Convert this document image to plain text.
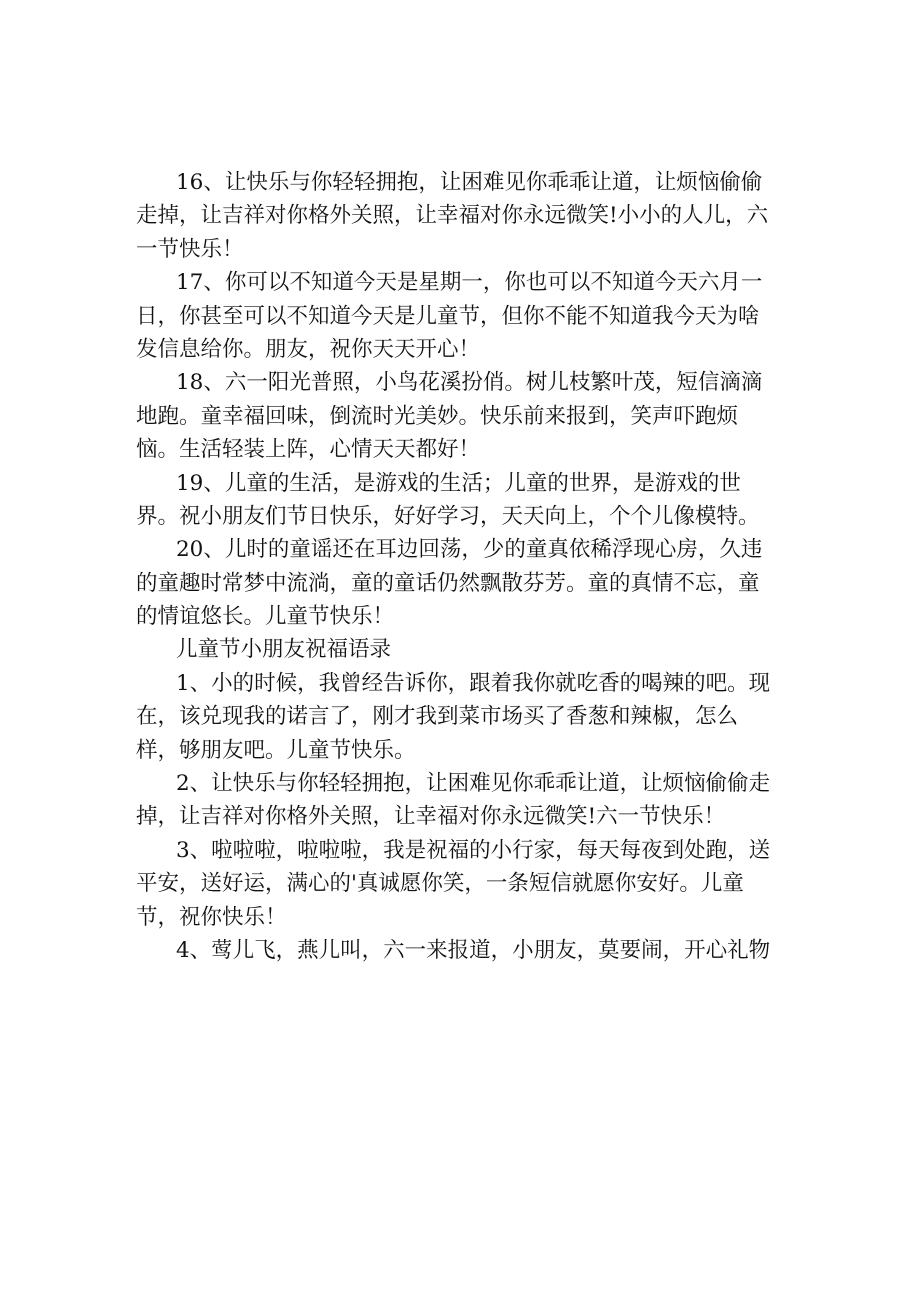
16、让快乐与你轻轻拥抱，让困难见你乖乖让道，让烦恼偷偷
走掉，让吉祥对你格外关照，让幸福对你永远微笑!小小的人儿，六
一节快乐！
17、你可以不知道今天是星期一，你也可以不知道今天六月一
日，你甚至可以不知道今天是儿童节，但你不能不知道我今天为啥
发信息给你。朋友，祝你天天开心！
18、六一阳光普照，小鸟花溪扮俏。树儿枝繁叶茂，短信滴滴
地跑。童幸福回味，倒流时光美妙。快乐前来报到，笑声吓跑烦
恼。生活轻装上阵，心情天天都好！
19、儿童的生活，是游戏的生活；儿童的世界，是游戏的世
界。祝小朋友们节日快乐，好好学习，天天向上，个个儿像模特。
20、儿时的童谣还在耳边回荡，少的童真依稀浮现心房，久违
的童趣时常梦中流淌，童的童话仍然飘散芬芳。童的真情不忘，童
的情谊悠长。儿童节快乐！
儿童节小朋友祝福语录
1、小的时候，我曾经告诉你，跟着我你就吃香的喝辣的吧。现
在，该兑现我的诺言了，刚才我到菜市场买了香葱和辣椒，怎么
样，够朋友吧。儿童节快乐。
2、让快乐与你轻轻拥抱，让困难见你乖乖让道，让烦恼偷偷走
掉，让吉祥对你格外关照，让幸福对你永远微笑!六一节快乐！
3、啦啦啦，啦啦啦，我是祝福的小行家，每天每夜到处跑，送
平安，送好运，满心的'真诚愿你笑，一条短信就愿你安好。儿童
节，祝你快乐！
4、莺儿飞，燕儿叫，六一来报道，小朋友，莫要闹，开心礼物
